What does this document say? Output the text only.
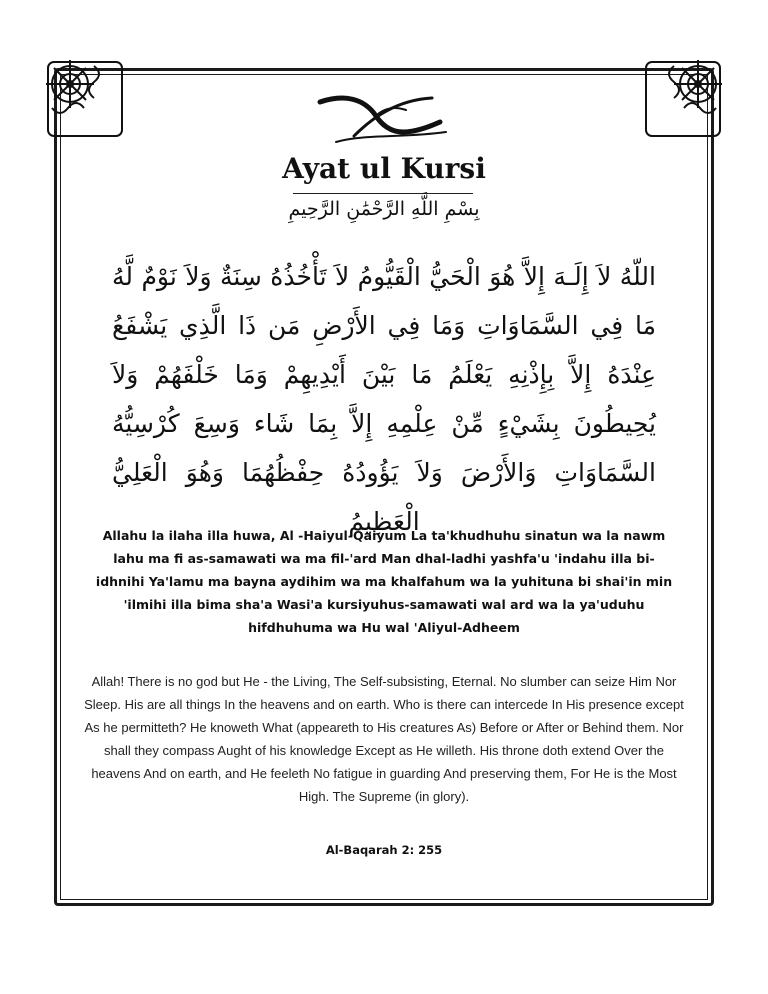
Ayat ul Kursi
بِسْمِ اللَّهِ الرَّحْمَٰنِ الرَّحِيمِ
اللّهُ لاَ إِلَـهَ إِلاَّ هُوَ الْحَيُّ الْقَيُّومُ لاَ تَأْخُذُهُ سِنَةٌ وَلاَ نَوْمٌ لَّهُ مَا فِي السَّمَاوَاتِ وَمَا فِي الأَرْضِ مَن ذَا الَّذِي يَشْفَعُ عِنْدَهُ إِلاَّ بِإِذْنِهِ يَعْلَمُ مَا بَيْنَ أَيْدِيهِمْ وَمَا خَلْفَهُمْ وَلاَ يُحِيطُونَ بِشَيْءٍ مِّنْ عِلْمِهِ إِلاَّ بِمَا شَاء وَسِعَ كُرْسِيُّهُ السَّمَاوَاتِ وَالأَرْضَ وَلاَ يَؤُودُهُ حِفْظُهُمَا وَهُوَ الْعَلِيُّ الْعَظِيمُ
Allahu la ilaha illa huwa, Al -Haiyul-Qaiyum La ta'khudhuhu sinatun wa la nawm lahu ma fi as-samawati wa ma fil-'ard Man dhal-ladhi yashfa'u 'indahu illa bi-idhnihi Ya'lamu ma bayna aydihim wa ma khalfahum wa la yuhituna bi shai'in min 'ilmihi illa bima sha'a Wasi'a kursiyuhus-samawati wal ard wa la ya'uduhu hifdhuhuma wa Hu wal 'Aliyul-Adheem
Allah! There is no god but He - the Living, The Self-subsisting, Eternal. No slumber can seize Him Nor Sleep. His are all things In the heavens and on earth. Who is there can intercede In His presence except As he permitteth? He knoweth What (appeareth to His creatures As) Before or After or Behind them. Nor shall they compass Aught of his knowledge Except as He willeth. His throne doth extend Over the heavens And on earth, and He feeleth No fatigue in guarding And preserving them, For He is the Most High. The Supreme (in glory).
Al-Baqarah 2: 255
